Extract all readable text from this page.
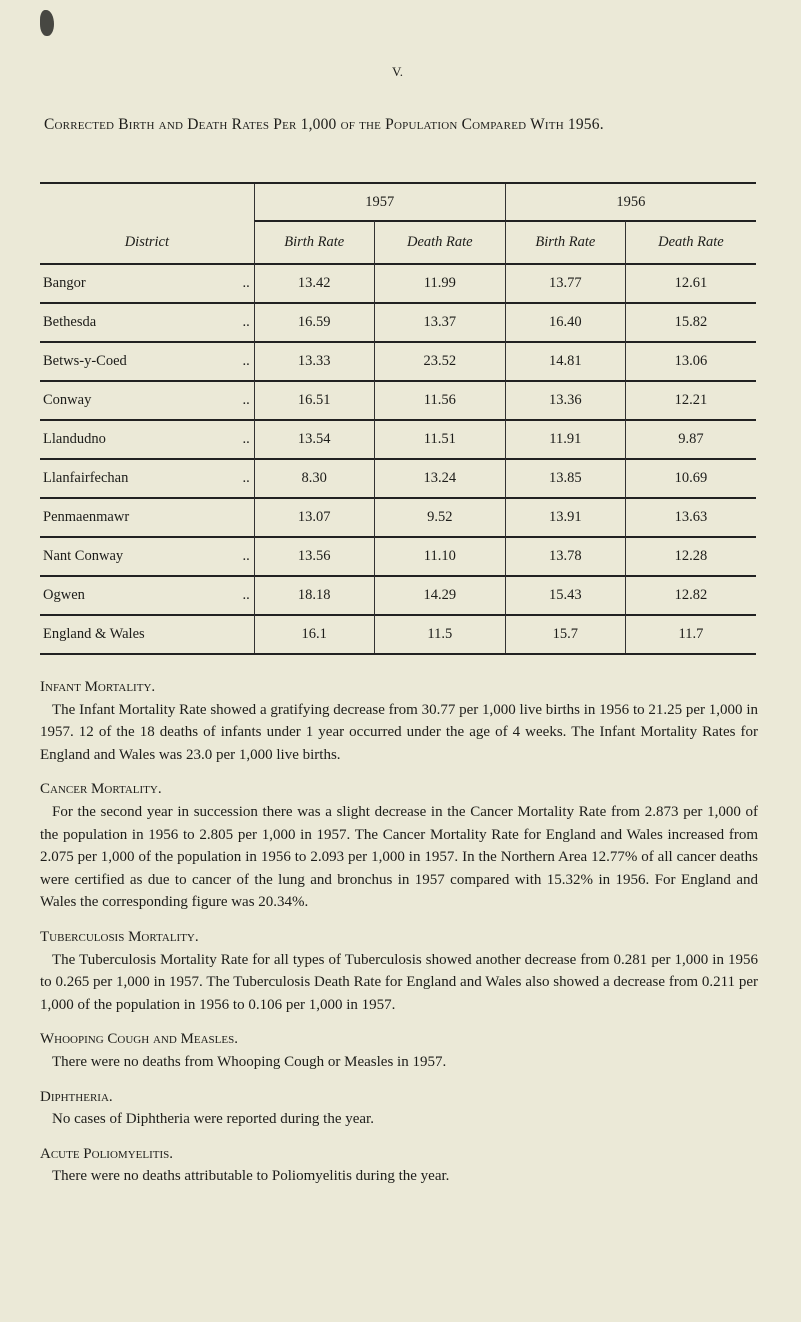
V.
Corrected Birth and Death Rates Per 1,000 of the Population Compared With 1956.
District	1957		1956	
	Birth Rate	Death Rate	Birth Rate	Death Rate
Bangor ..	13.42	11.99	13.77	12.61
Bethesda ..	16.59	13.37	16.40	15.82
Betws-y-Coed ..	13.33	23.52	14.81	13.06
Conway ..	16.51	11.56	13.36	12.21
Llandudno ..	13.54	11.51	11.91	9.87
Llanfairfechan ..	8.30	13.24	13.85	10.69
Penmaenmawr	13.07	9.52	13.91	13.63
Nant Conway ..	13.56	11.10	13.78	12.28
Ogwen ..	18.18	14.29	15.43	12.82
England & Wales	16.1	11.5	15.7	11.7
Infant Mortality.

The Infant Mortality Rate showed a gratifying decrease from 30.77 per 1,000 live births in 1956 to 21.25 per 1,000 in 1957. 12 of the 18 deaths of infants under 1 year occurred under the age of 4 weeks. The Infant Mortality Rates for England and Wales was 23.0 per 1,000 live births.

Cancer Mortality.

For the second year in succession there was a slight decrease in the Cancer Mortality Rate from 2.873 per 1,000 of the population in 1956 to 2.805 per 1,000 in 1957. The Cancer Mortality Rate for England and Wales increased from 2.075 per 1,000 of the population in 1956 to 2.093 per 1,000 in 1957. In the Northern Area 12.77% of all cancer deaths were certified as due to cancer of the lung and bronchus in 1957 compared with 15.32% in 1956. For England and Wales the corresponding figure was 20.34%.

Tuberculosis Mortality.

The Tuberculosis Mortality Rate for all types of Tuberculosis showed another decrease from 0.281 per 1,000 in 1956 to 0.265 per 1,000 in 1957. The Tuberculosis Death Rate for England and Wales also showed a decrease from 0.211 per 1,000 of the population in 1956 to 0.106 per 1,000 in 1957.

Whooping Cough and Measles.

There were no deaths from Whooping Cough or Measles in 1957.

Diphtheria.

No cases of Diphtheria were reported during the year.

Acute Poliomyelitis.

There were no deaths attributable to Poliomyelitis during the year.
